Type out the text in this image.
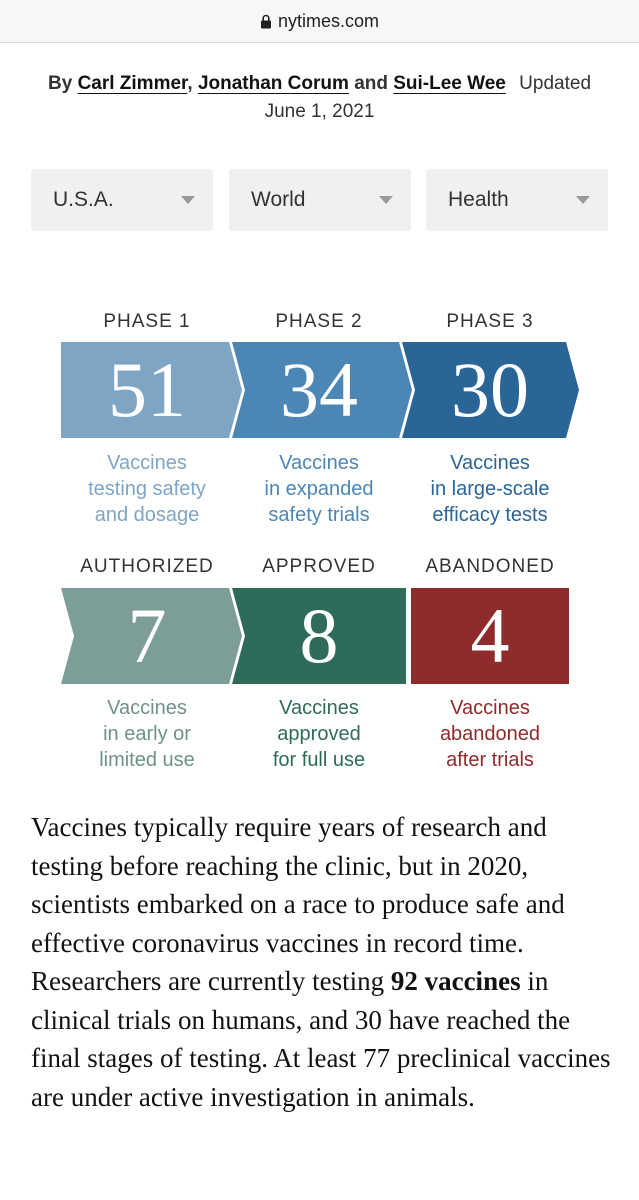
nytimes.com
By Carl Zimmer, Jonathan Corum and Sui-Lee Wee Updated
June 1, 2021
U.S.A.	World	Health
PHASE 1	PHASE 2	PHASE 3
51	34	30
Vaccines
testing safety
and dosage
Vaccines
in expanded
safety trials
Vaccines
in large-scale
efficacy tests
AUTHORIZED	APPROVED	ABANDONED
7	8	4
Vaccines
in early or
limited use
Vaccines
approved
for full use
Vaccines
abandoned
after trials
Vaccines typically require years of research and testing before reaching the clinic, but in 2020, scientists embarked on a race to produce safe and effective coronavirus vaccines in record time. Researchers are currently testing 92 vaccines in clinical trials on humans, and 30 have reached the final stages of testing. At least 77 preclinical vaccines are under active investigation in animals.
